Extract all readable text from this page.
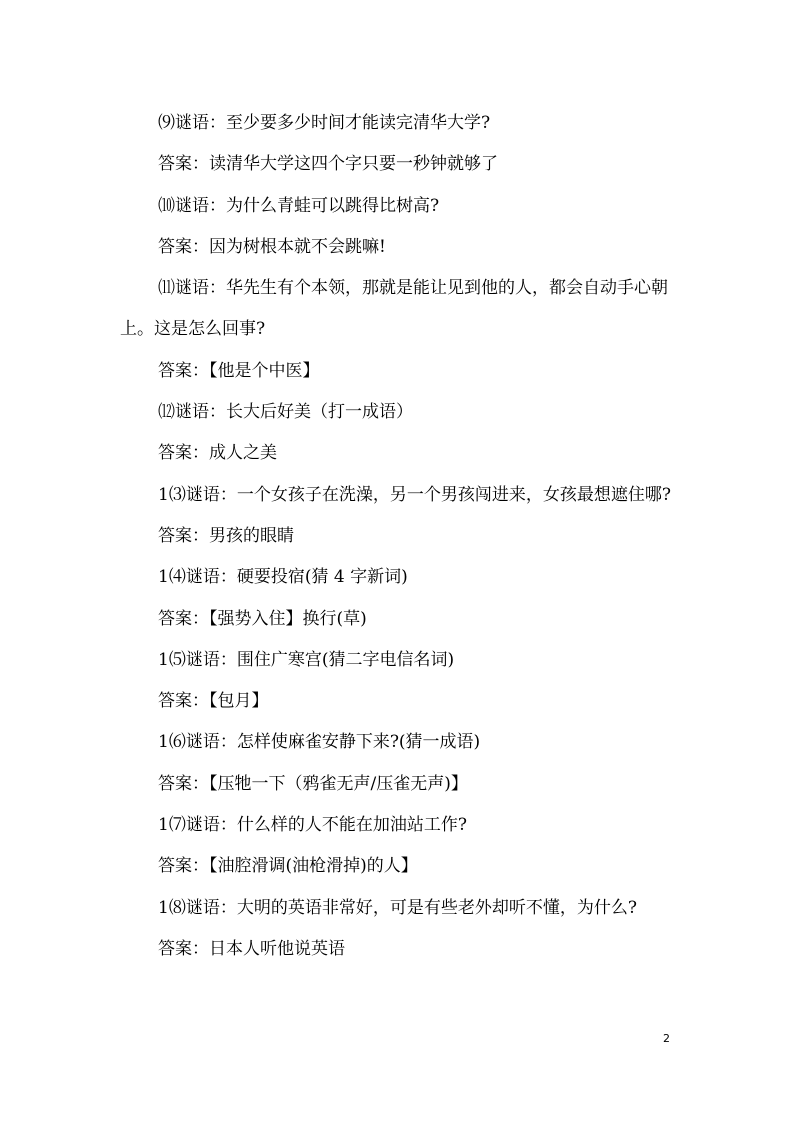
⑼谜语：至少要多少时间才能读完清华大学?

答案：读清华大学这四个字只要一秒钟就够了

⑽谜语：为什么青蛙可以跳得比树高?

答案：因为树根本就不会跳嘛!

⑾谜语：华先生有个本领，那就是能让见到他的人，都会自动手心朝上。这是怎么回事?

答案：【他是个中医】

⑿谜语：长大后好美（打一成语）

答案：成人之美

1⑶谜语：一个女孩子在洗澡，另一个男孩闯进来，女孩最想遮住哪?

答案：男孩的眼睛

1⑷谜语：硬要投宿(猜 4 字新词)

答案：【强势入住】换行(草)

1⑸谜语：围住广寒宫(猜二字电信名词)

答案：【包月】

1⑹谜语：怎样使麻雀安静下来?(猜一成语)

答案：【压牠一下（鸦雀无声/压雀无声)】

1⑺谜语：什么样的人不能在加油站工作?

答案：【油腔滑调(油枪滑掉)的人】

1⑻谜语：大明的英语非常好，可是有些老外却听不懂，为什么?

答案：日本人听他说英语

2
